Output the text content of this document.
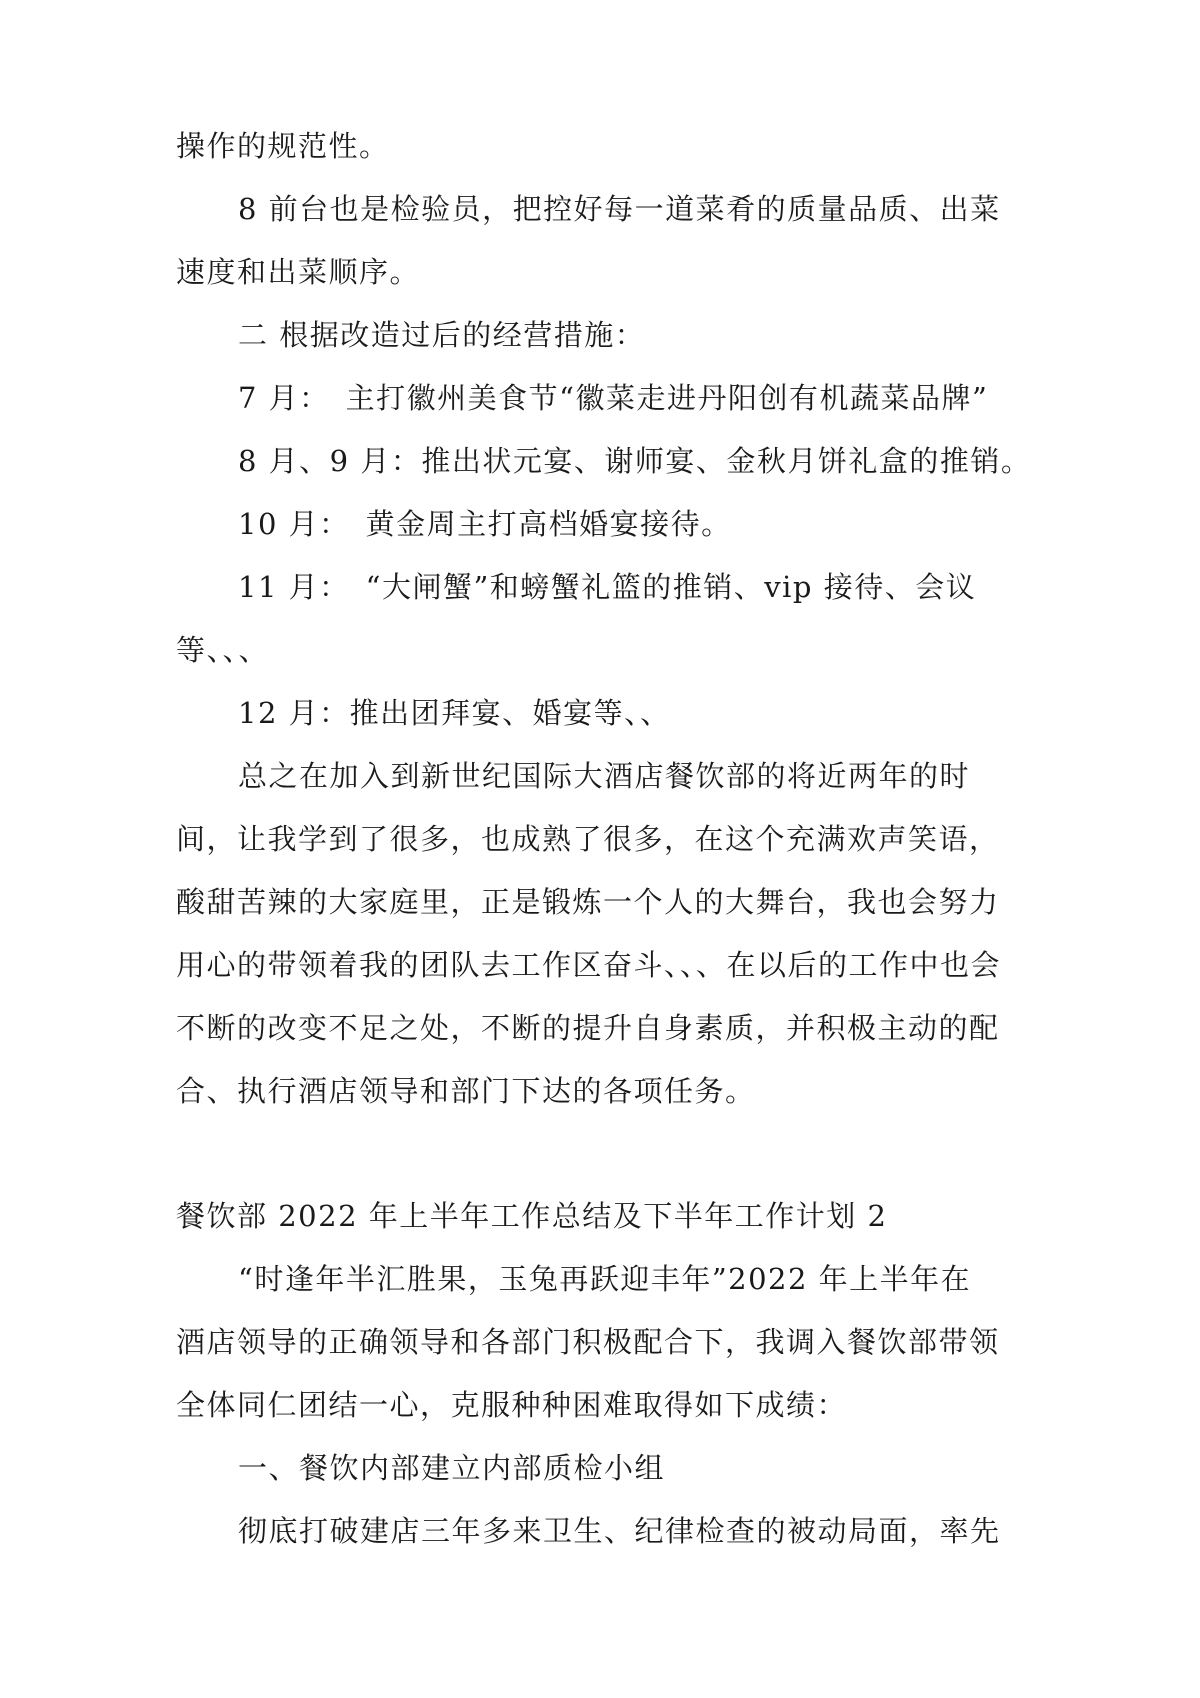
操作的规范性。
8 前台也是检验员，把控好每一道菜肴的质量品质、出菜
速度和出菜顺序。
二 根据改造过后的经营措施：
7 月：　主打徽州美食节“徽菜走进丹阳创有机蔬菜品牌”
8 月、9 月：推出状元宴、谢师宴、金秋月饼礼盒的推销。
10 月：　黄金周主打高档婚宴接待。
11 月：　“大闸蟹”和螃蟹礼篮的推销、vip 接待、会议
等、、、
12 月：推出团拜宴、婚宴等、、
总之在加入到新世纪国际大酒店餐饮部的将近两年的时
间，让我学到了很多，也成熟了很多，在这个充满欢声笑语，
酸甜苦辣的大家庭里，正是锻炼一个人的大舞台，我也会努力
用心的带领着我的团队去工作区奋斗、、、在以后的工作中也会
不断的改变不足之处，不断的提升自身素质，并积极主动的配
合、执行酒店领导和部门下达的各项任务。
餐饮部 2022 年上半年工作总结及下半年工作计划 2
“时逢年半汇胜果，玉兔再跃迎丰年”2022 年上半年在
酒店领导的正确领导和各部门积极配合下，我调入餐饮部带领
全体同仁团结一心，克服种种困难取得如下成绩：
一、餐饮内部建立内部质检小组
彻底打破建店三年多来卫生、纪律检查的被动局面，率先
